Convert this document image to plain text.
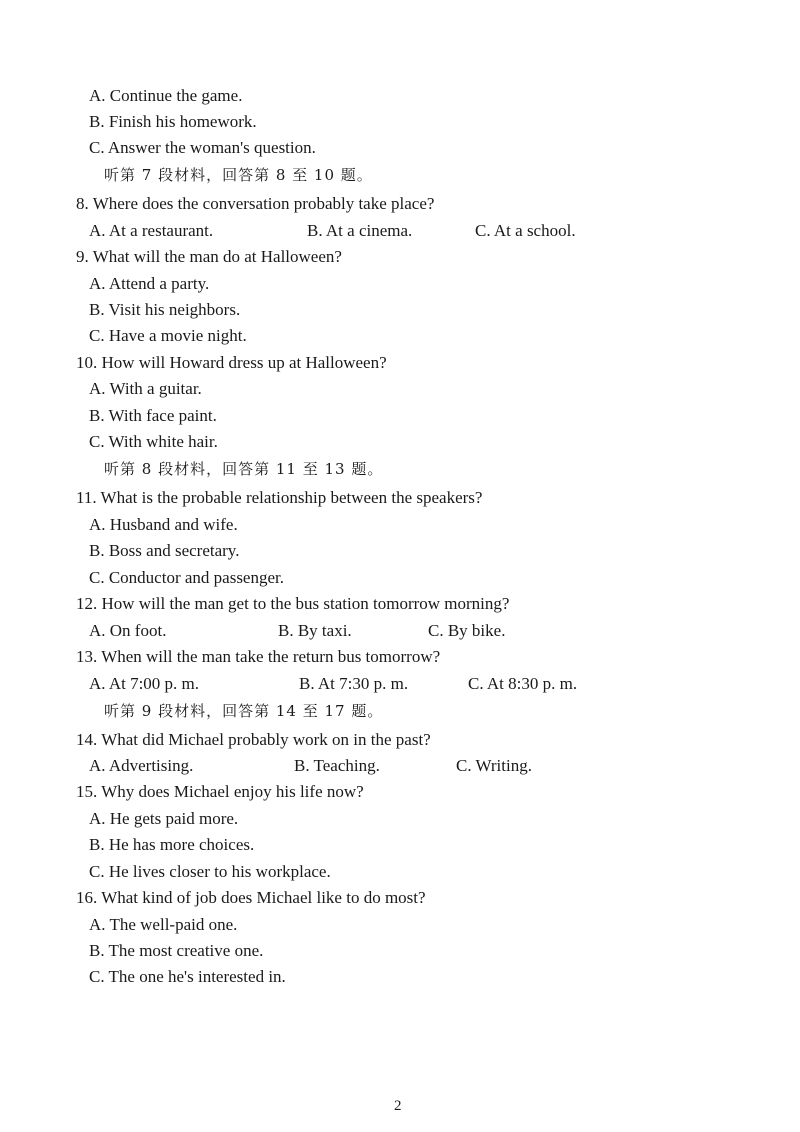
A. Continue the game.
B. Finish his homework.
C. Answer the woman's question.
听第 7 段材料，回答第 8 至 10 题。
8. Where does the conversation probably take place?
A. At a restaurant.	B. At a cinema.	C. At a school.
9. What will the man do at Halloween?
A. Attend a party.
B. Visit his neighbors.
C. Have a movie night.
10. How will Howard dress up at Halloween?
A. With a guitar.
B. With face paint.
C. With white hair.
听第 8 段材料，回答第 11 至 13 题。
11. What is the probable relationship between the speakers?
A. Husband and wife.
B. Boss and secretary.
C. Conductor and passenger.
12. How will the man get to the bus station tomorrow morning?
A. On foot.	B. By taxi.	C. By bike.
13. When will the man take the return bus tomorrow?
A. At 7:00 p. m.	B. At 7:30 p. m.	C. At 8:30 p. m.
听第 9 段材料，回答第 14 至 17 题。
14. What did Michael probably work on in the past?
A. Advertising.	B. Teaching.	C. Writing.
15. Why does Michael enjoy his life now?
A. He gets paid more.
B. He has more choices.
C. He lives closer to his workplace.
16. What kind of job does Michael like to do most?
A. The well-paid one.
B. The most creative one.
C. The one he's interested in.
2
